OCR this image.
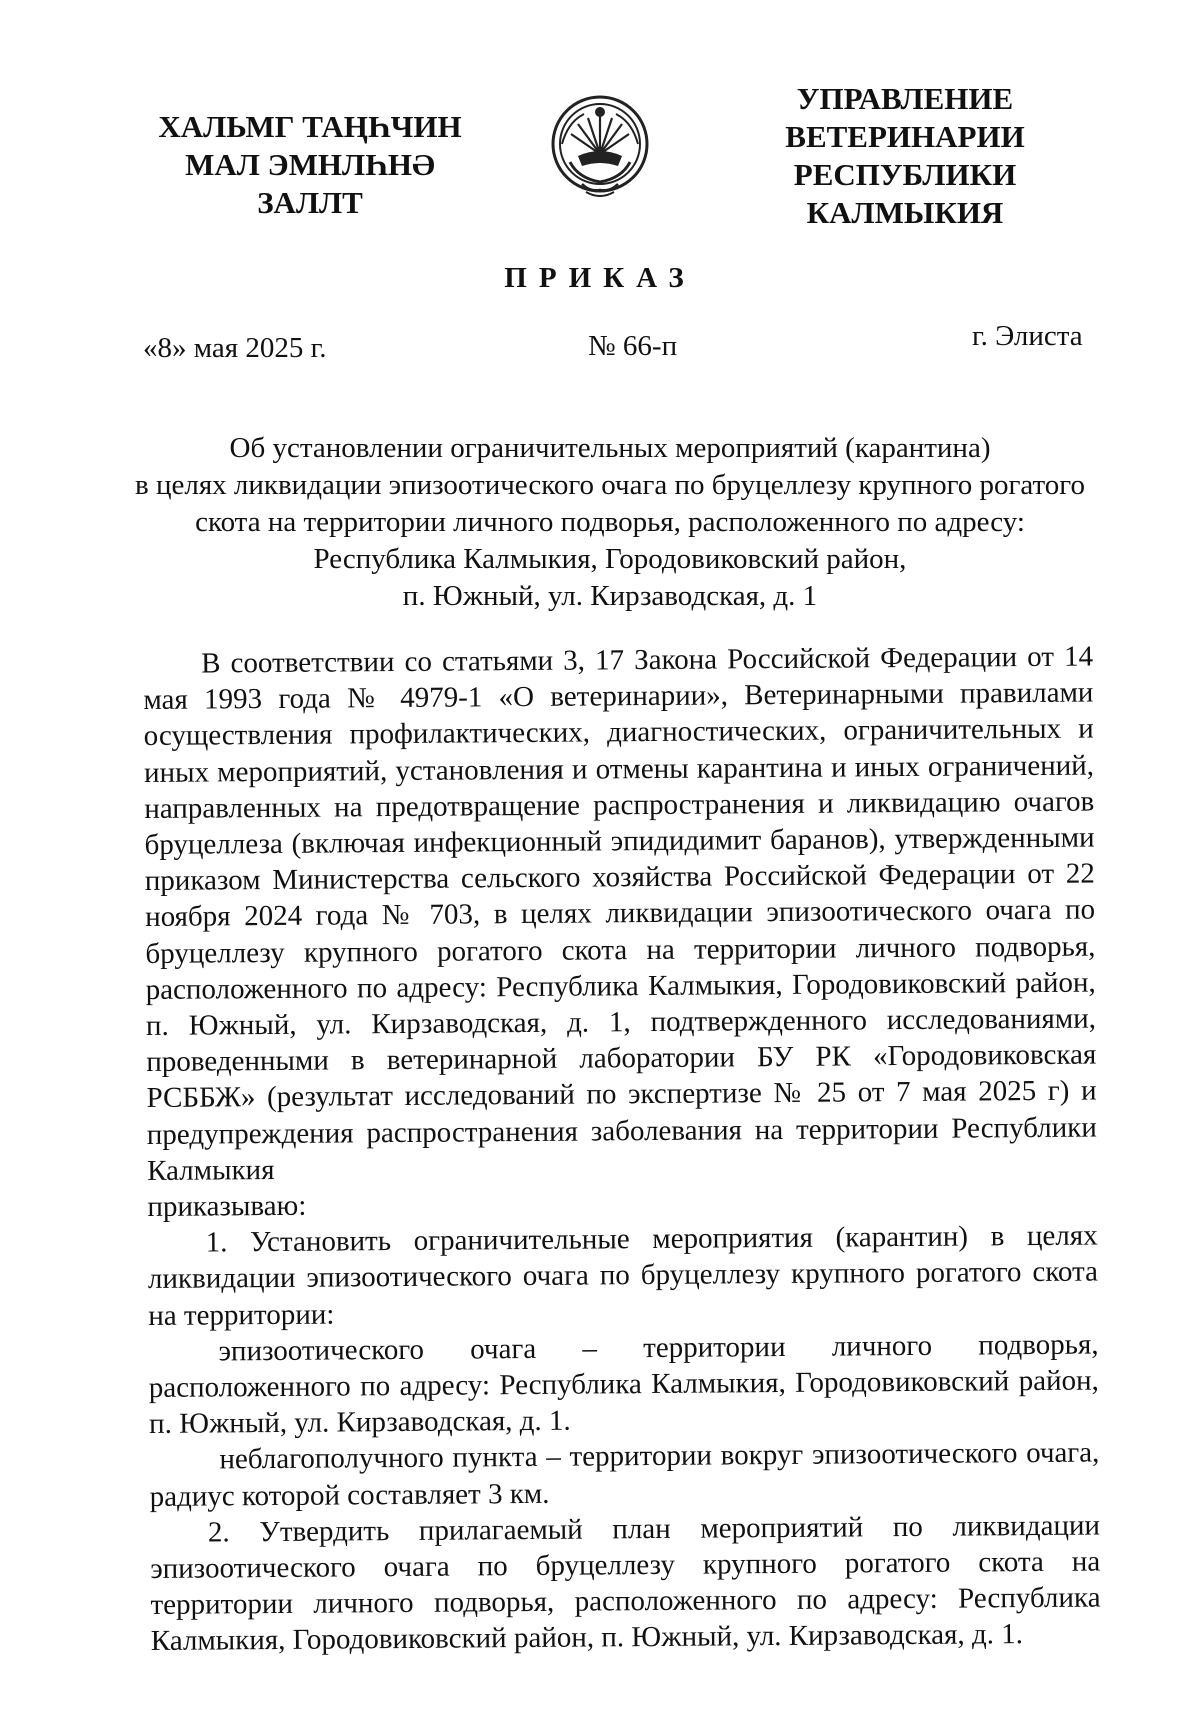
ХАЛЬМГ ТАҢҺЧИН
МАЛ ЭМНЛҺНӘ
ЗАЛЛТ
УПРАВЛЕНИЕ
ВЕТЕРИНАРИИ
РЕСПУБЛИКИ
КАЛМЫКИЯ
ПРИКАЗ
«8» мая 2025 г.	№ 66-п	г. Элиста
Об установлении ограничительных мероприятий (карантина)
в целях ликвидации эпизоотического очага по бруцеллезу крупного рогатого
скота на территории личного подворья, расположенного по адресу:
Республика Калмыкия, Городовиковский район,
п. Южный, ул. Кирзаводская, д. 1

В соответствии со статьями 3, 17 Закона Российской Федерации от 14 мая 1993 года № 4979-1 «О ветеринарии», Ветеринарными правилами осуществления профилактических, диагностических, ограничительных и иных мероприятий, установления и отмены карантина и иных ограничений, направленных на предотвращение распространения и ликвидацию очагов бруцеллеза (включая инфекционный эпидидимит баранов), утвержденными приказом Министерства сельского хозяйства Российской Федерации от 22 ноября 2024 года № 703, в целях ликвидации эпизоотического очага по бруцеллезу крупного рогатого скота на территории личного подворья, расположенного по адресу: Республика Калмыкия, Городовиковский район, п. Южный, ул. Кирзаводская, д. 1, подтвержденного исследованиями, проведенными в ветеринарной лаборатории БУ РК «Городовиковская РСББЖ» (результат исследований по экспертизе № 25 от 7 мая 2025 г) и предупреждения распространения заболевания на территории Республики Калмыкия

приказываю:

1. Установить ограничительные мероприятия (карантин) в целях ликвидации эпизоотического очага по бруцеллезу крупного рогатого скота на территории:

эпизоотического очага – территории личного подворья, расположенного по адресу: Республика Калмыкия, Городовиковский район, п. Южный, ул. Кирзаводская, д. 1.

неблагополучного пункта – территории вокруг эпизоотического очага, радиус которой составляет 3 км.

2. Утвердить прилагаемый план мероприятий по ликвидации эпизоотического очага по бруцеллезу крупного рогатого скота на территории личного подворья, расположенного по адресу: Республика Калмыкия, Городовиковский район, п. Южный, ул. Кирзаводская, д. 1.
